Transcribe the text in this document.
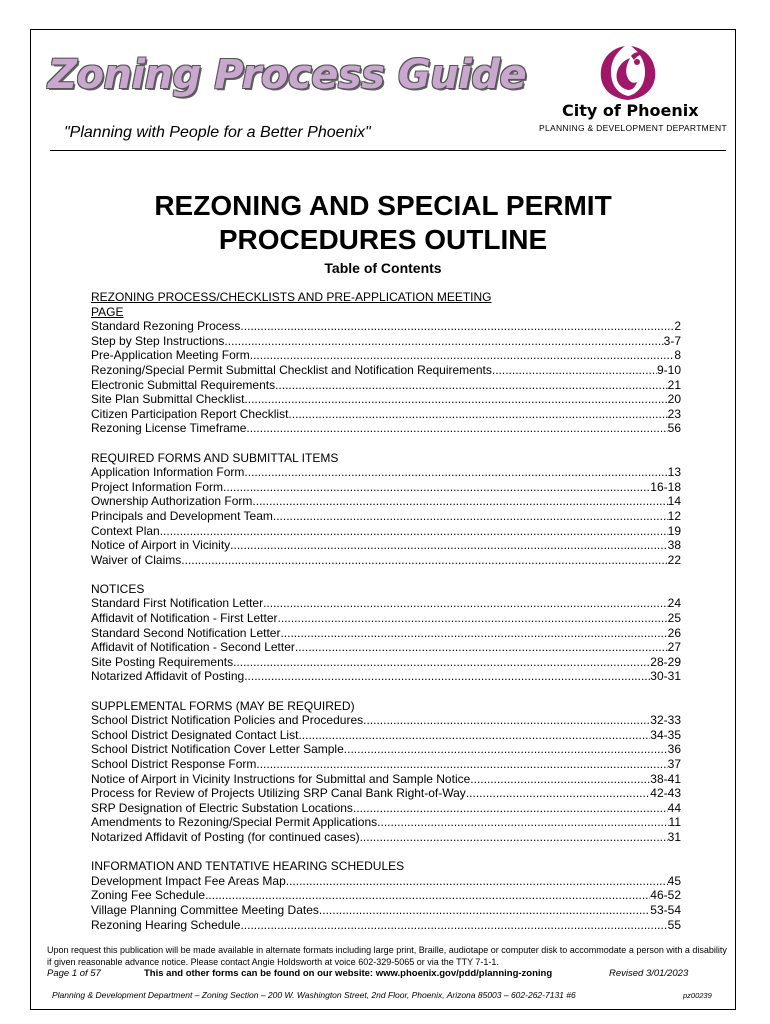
Zoning Process Guide
"Planning with People for a Better Phoenix"
City of Phoenix
PLANNING & DEVELOPMENT DEPARTMENT
REZONING AND SPECIAL PERMIT
PROCEDURES OUTLINE
Table of Contents
REZONING PROCESS/CHECKLISTS AND PRE-APPLICATION MEETING PAGE
Standard Rezoning Process .....	2
Step by Step Instructions .....	3-7
Pre-Application Meeting Form .....	8
Rezoning/Special Permit Submittal Checklist and Notification Requirements .....	9-10
Electronic Submittal Requirements .....	21
Site Plan Submittal Checklist .....	20
Citizen Participation Report Checklist .....	23
Rezoning License Timeframe .....	56
REQUIRED FORMS AND SUBMITTAL ITEMS
Application Information Form .....	13
Project Information Form .....	16-18
Ownership Authorization Form .....	14
Principals and Development Team .....	12
Context Plan .....	19
Notice of Airport in Vicinity .....	38
Waiver of Claims .....	22
NOTICES
Standard First Notification Letter .....	24
Affidavit of Notification - First Letter .....	25
Standard Second Notification Letter .....	26
Affidavit of Notification - Second Letter .....	27
Site Posting Requirements .....	28-29
Notarized Affidavit of Posting .....	30-31
SUPPLEMENTAL FORMS (MAY BE REQUIRED)
School District Notification Policies and Procedures .....	32-33
School District Designated Contact List .....	34-35
School District Notification Cover Letter Sample .....	36
School District Response Form .....	37
Notice of Airport in Vicinity Instructions for Submittal and Sample Notice .....	38-41
Process for Review of Projects Utilizing SRP Canal Bank Right-of-Way .....	42-43
SRP Designation of Electric Substation Locations .....	44
Amendments to Rezoning/Special Permit Applications .....	11
Notarized Affidavit of Posting (for continued cases) .....	31
INFORMATION AND TENTATIVE HEARING SCHEDULES
Development Impact Fee Areas Map .....	45
Zoning Fee Schedule .....	46-52
Village Planning Committee Meeting Dates .....	53-54
Rezoning Hearing Schedule .....	55
Upon request this publication will be made available in alternate formats including large print, Braille, audiotape or computer disk to accommodate a person with a disability if given reasonable advance notice. Please contact Angie Holdsworth at voice 602-329-5065 or via the TTY 7-1-1.
Page 1 of 57	This and other forms can be found on our website: www.phoenix.gov/pdd/planning-zoning	Revised 3/01/2023
Planning & Development Department – Zoning Section – 200 W. Washington Street, 2nd Floor, Phoenix, Arizona 85003 – 602-262-7131 #6	pz00239
